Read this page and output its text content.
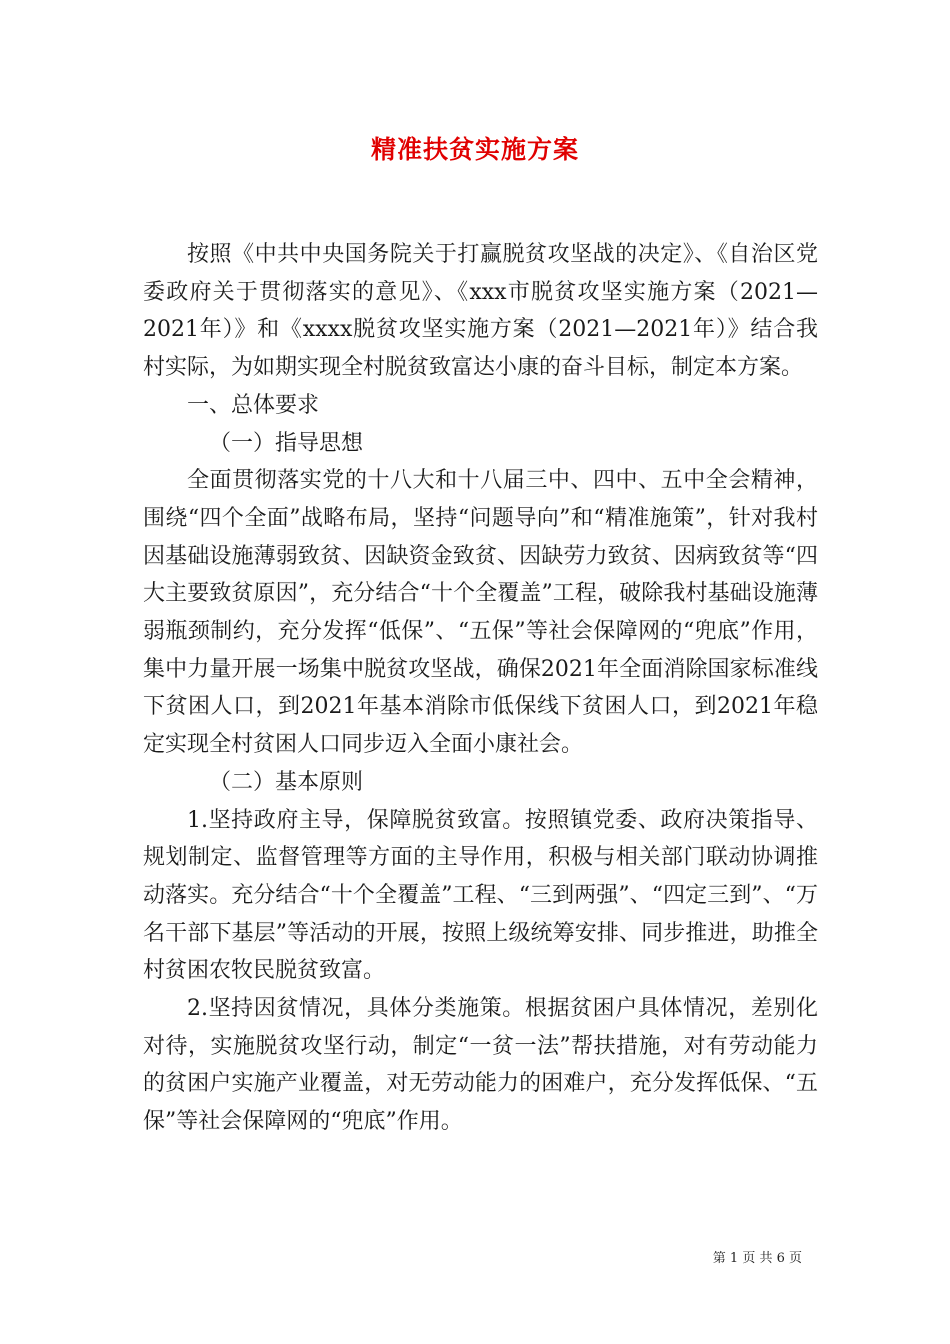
精准扶贫实施方案

按照《中共中央国务院关于打赢脱贫攻坚战的决定》、《自治区党委政府关于贯彻落实的意见》、《xxx市脱贫攻坚实施方案（2021—2021年）》和《xxxx脱贫攻坚实施方案（2021—2021年）》结合我村实际，为如期实现全村脱贫致富达小康的奋斗目标，制定本方案。

一、总体要求

（一）指导思想

全面贯彻落实党的十八大和十八届三中、四中、五中全会精神，围绕“四个全面”战略布局，坚持“问题导向”和“精准施策”，针对我村因基础设施薄弱致贫、因缺资金致贫、因缺劳力致贫、因病致贫等“四大主要致贫原因”，充分结合“十个全覆盖”工程，破除我村基础设施薄弱瓶颈制约，充分发挥“低保”、“五保”等社会保障网的“兜底”作用，集中力量开展一场集中脱贫攻坚战，确保2021年全面消除国家标准线下贫困人口，到2021年基本消除市低保线下贫困人口，到2021年稳定实现全村贫困人口同步迈入全面小康社会。

（二）基本原则

1.坚持政府主导，保障脱贫致富。按照镇党委、政府决策指导、规划制定、监督管理等方面的主导作用，积极与相关部门联动协调推动落实。充分结合“十个全覆盖”工程、“三到两强”、“四定三到”、“万名干部下基层”等活动的开展，按照上级统筹安排、同步推进，助推全村贫困农牧民脱贫致富。

2.坚持因贫情况，具体分类施策。根据贫困户具体情况，差别化对待，实施脱贫攻坚行动，制定“一贫一法”帮扶措施，对有劳动能力的贫困户实施产业覆盖，对无劳动能力的困难户，充分发挥低保、“五保”等社会保障网的“兜底”作用。

第 1 页 共 6 页
